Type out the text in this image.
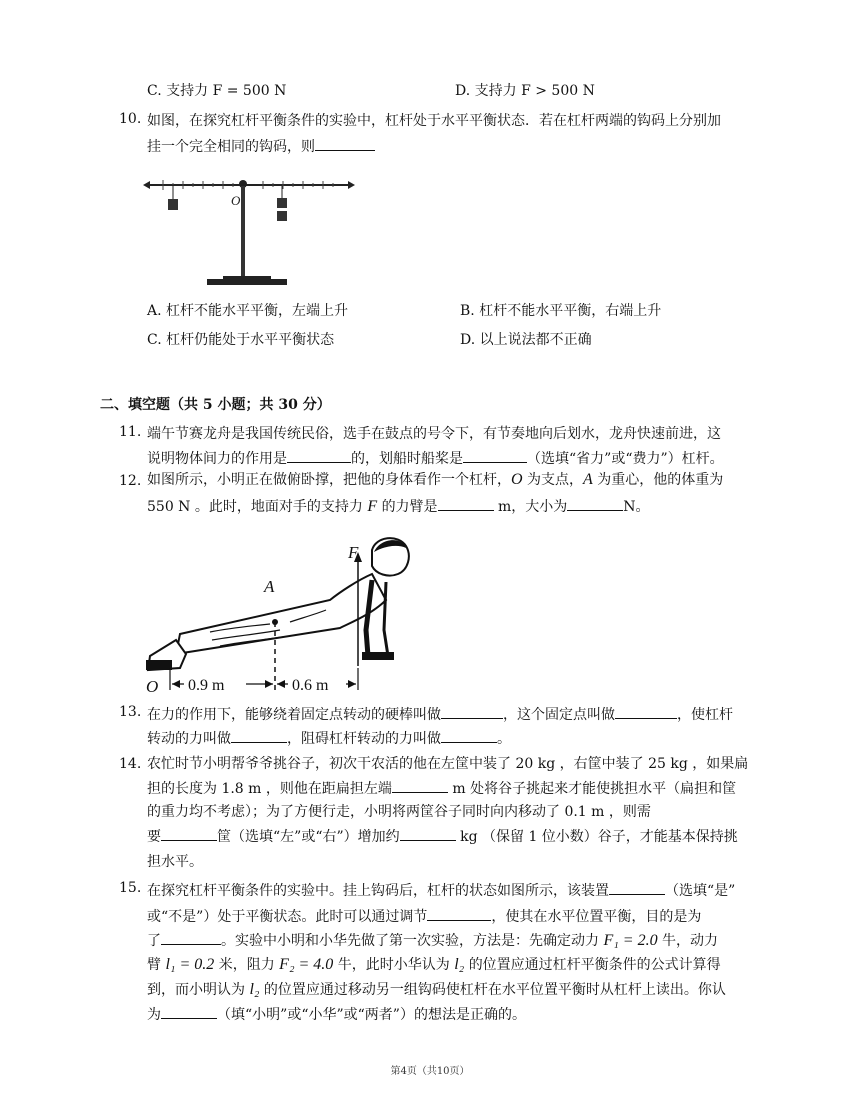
C. 支持力 F = 500 N	D. 支持力 F > 500 N
10. 如图，在探究杠杆平衡条件的实验中，杠杆处于水平平衡状态．若在杠杆两端的钩码上分别加
挂一个完全相同的钩码，则
O
A. 杠杆不能水平平衡，左端上升	B. 杠杆不能水平平衡，右端上升
C. 杠杆仍能处于水平平衡状态	D. 以上说法都不正确
二、填空题（共 5 小题；共 30 分）
11. 端午节赛龙舟是我国传统民俗，选手在鼓点的号令下，有节奏地向后划水，龙舟快速前进，这
说明物体间力的作用是	的，划船时船桨是	（选填“省力”或“费力”）杠杆。
12. 如图所示，小明正在做俯卧撑，把他的身体看作一个杠杆，O 为支点，A 为重心，他的体重为
550 N 。此时，地面对手的支持力 F 的力臂是	m，大小为	N。
F
A
O 0.9 m	0.6 m
13. 在力的作用下，能够绕着固定点转动的硬棒叫做	，这个固定点叫做	，使杠杆
转动的力叫做	，阻碍杠杆转动的力叫做	。
14. 农忙时节小明帮爷爷挑谷子，初次干农活的他在左筐中装了 20 kg ，右筐中装了 25 kg ，如果扁
担的长度为 1.8 m ，则他在距扁担左端	m 处将谷子挑起来才能使挑担水平（扁担和筐
的重力均不考虑）；为了方便行走，小明将两筐谷子同时向内移动了 0.1 m ，则需
要	筐（选填“左”或“右”）增加约	kg （保留 1 位小数）谷子，才能基本保持挑
担水平。
15. 在探究杠杆平衡条件的实验中。挂上钩码后，杠杆的状态如图所示，该装置	（选填“是”
或“不是”）处于平衡状态。此时可以通过调节	，使其在水平位置平衡，目的是为
了	。实验中小明和小华先做了第一次实验，方法是：先确定动力 F₁ = 2.0 牛，动力
臂 l₁ = 0.2 米，阻力 F₂ = 4.0 牛，此时小华认为 l₂ 的位置应通过杠杆平衡条件的公式计算得
到，而小明认为 l₂ 的位置应通过移动另一组钩码使杠杆在水平位置平衡时从杠杆上读出。你认
为	（填“小明”或“小华”或“两者”）的想法是正确的。
第4页（共10页）
